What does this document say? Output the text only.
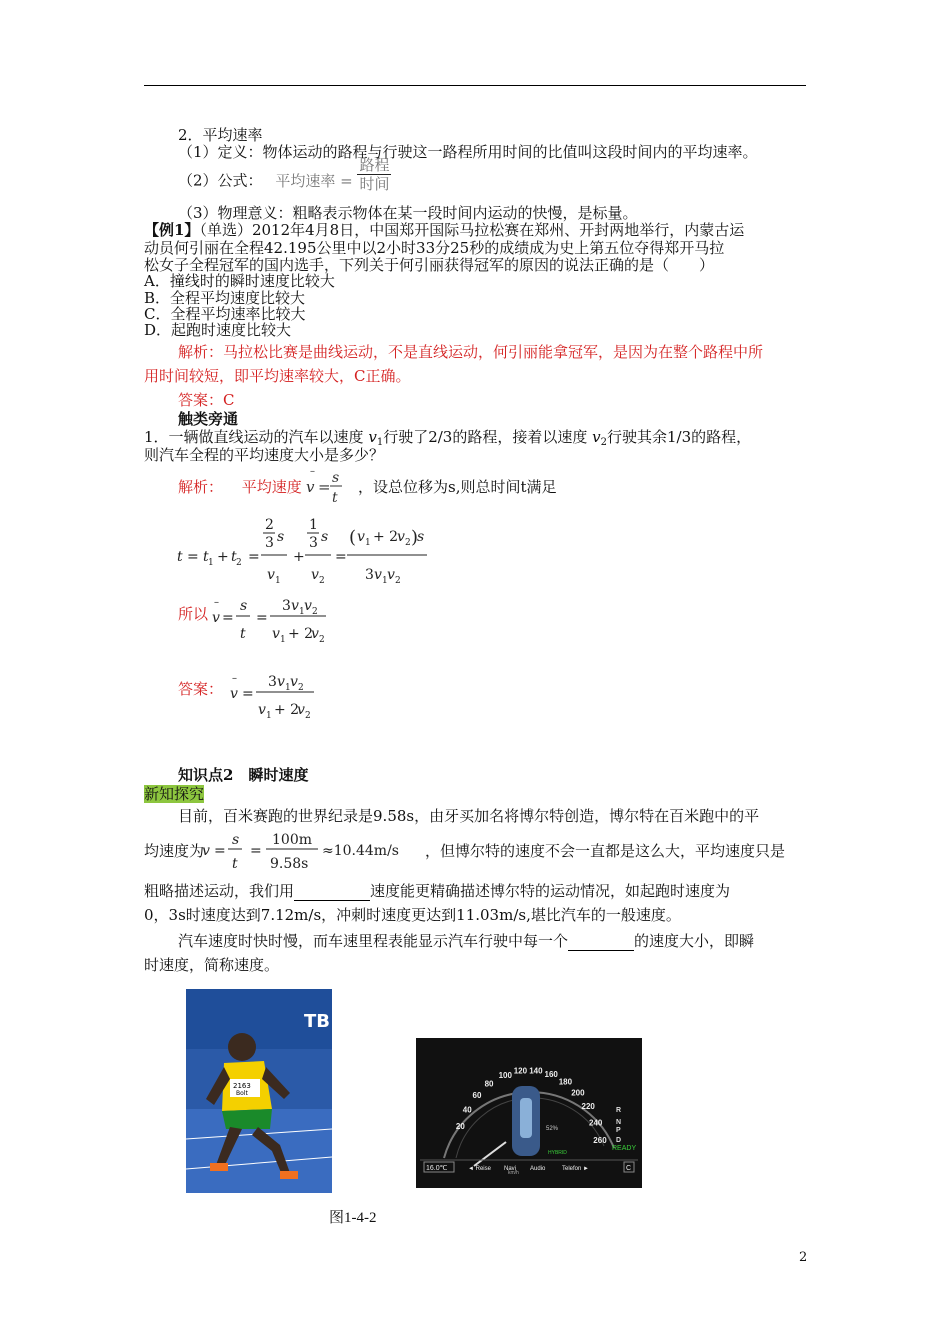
2．平均速率
（1）定义：物体运动的路程与行驶这一路程所用时间的比值叫这段时间内的平均速率。
（2）公式： 平均速率 = $\frac{\text{路程}}{\text{时间}}$
（3）物理意义：粗略表示物体在某一段时间内运动的快慢，是标量。
【例1】（单选）2012年4月8日，中国郑开国际马拉松赛在郑州、开封两地举行，内蒙古运
动员何引丽在全程42.195公里中以2小时33分25秒的成绩成为史上第五位夺得郑开马拉
松女子全程冠军的国内选手，下列关于何引丽获得冠军的原因的说法正确的是（　　）
A．撞线时的瞬时速度比较大
B．全程平均速度比较大
C．全程平均速率比较大
D．起跑时速度比较大
解析：马拉松比赛是曲线运动，不是直线运动，何引丽能拿冠军，是因为在整个路程中所
用时间较短，即平均速率较大，C正确。
答案：C
触类旁通
1．一辆做直线运动的汽车以速度 $v_1$行驶了2/3的路程，接着以速度 $v_2$行驶其余1/3的路程，
则汽车全程的平均速度大小是多少？
解析： 平均速度
–
v = s
t
，设总位移为s,则总时间t满足
t = t 1 + t 2 =
2
3 s
v 1
+
1
3 s
v 2
=
( v 1 + 2
v 2 )
s
3 v 1 v 2
所以
–
v =
s
t
=
3 v 1 v 2
v 1 + 2
v 2
答案：
–
v =
3 v 1 v 2
v 1 + 2
v 2
知识点2　瞬时速度
新知探究
目前，百米赛跑的世界纪录是9.58s，由牙买加名将博尔特创造，博尔特在百米跑中的平
均速度为
v =
s
t
=
100m
9.58s
≈10.44m/s ，但博尔特的速度不会一直都是这么大，平均速度只是
粗略描述运动，我们用	速度能更精确描述博尔特的运动情况，如起跑时速度为
0，3s时速度达到7.12m/s，冲刺时速度更达到11.03m/s,堪比汽车的一般速度。
汽车速度时快时慢，而车速里程表能显示汽车行驶中每一个	的速度大小，即瞬
时速度，简称速度。
TB
2163
Bolt
20
40
60
80
100 120 140 160
180
200
220
240
260
52%
HYBRID
km/h
READY
R
N
P
D
16.0℃	◄ Reise Navi Audio	Telefon ►	C
图1-4-2
2
